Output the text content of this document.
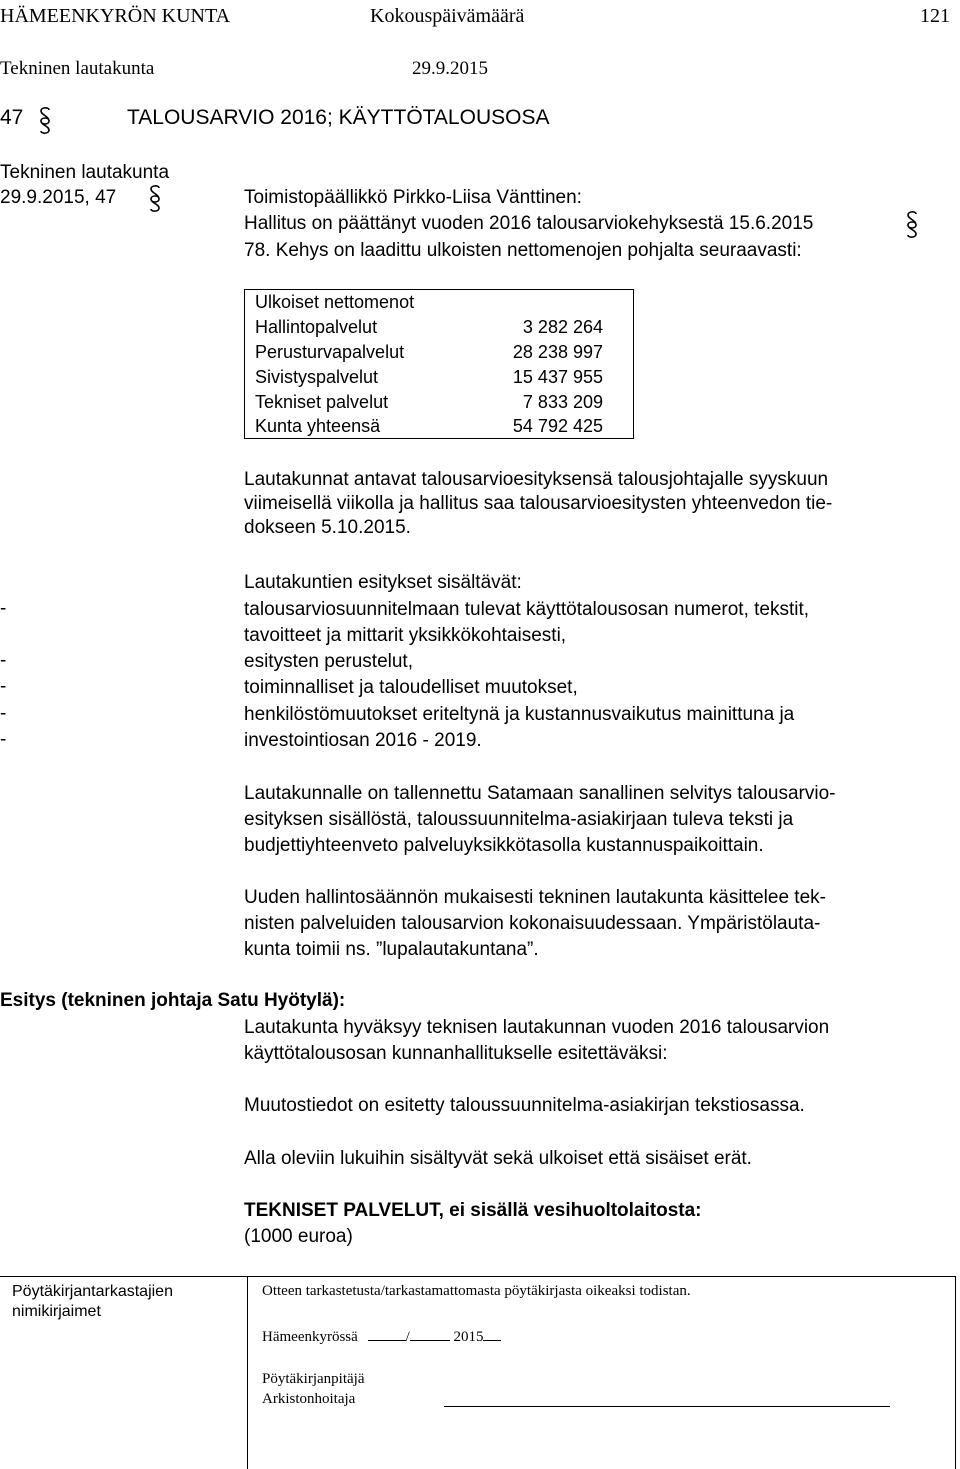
HÄMEENKYRÖN KUNTA	Kokouspäivämäärä	121
Tekninen lautakunta	29.9.2015
47	TALOUSARVIO 2016; KÄYTTÖTALOUSOSA
Tekninen lautakunta
29.9.2015, 47	Toimistopäällikkö Pirkko-Liisa Vänttinen:
Hallitus on päättänyt vuoden 2016 talousarviokehyksestä 15.6.2015
78. Kehys on laadittu ulkoisten nettomenojen pohjalta seuraavasti:
Ulkoiset nettomenot
Hallintopalvelut	3 282 264
Perusturvapalvelut	28 238 997
Sivistyspalvelut	15 437 955
Tekniset palvelut	7 833 209
Kunta yhteensä	54 792 425

Lautakunnat antavat talousarvioesityksensä talousjohtajalle syyskuun

viimeisellä viikolla ja hallitus saa talousarvioesitysten yhteenvedon tie-

dokseen 5.10.2015.

Lautakuntien esitykset sisältävät:
-	talousarviosuunnitelmaan tulevat käyttötalousosan numerot, tekstit,
tavoitteet ja mittarit yksikkökohtaisesti,
-	esitysten perustelut,
-	toiminnalliset ja taloudelliset muutokset,
-	henkilöstömuutokset eriteltynä ja kustannusvaikutus mainittuna ja
-	investointiosan 2016 - 2019.

Lautakunnalle on tallennettu Satamaan sanallinen selvitys talousarvio-

esityksen sisällöstä, taloussuunnitelma-asiakirjaan tuleva teksti ja

budjettiyhteenveto palveluyksikkötasolla kustannuspaikoittain.

Uuden hallintosäännön mukaisesti tekninen lautakunta käsittelee tek-

nisten palveluiden talousarvion kokonaisuudessaan. Ympäristölauta-

kunta toimii ns. ”lupalautakuntana”.

Esitys (tekninen johtaja Satu Hyötylä):
Lautakunta hyväksyy teknisen lautakunnan vuoden 2016 talousarvion
käyttötalousosan kunnanhallitukselle esitettäväksi:
Muutostiedot on esitetty taloussuunnitelma-asiakirjan tekstiosassa.
Alla oleviin lukuihin sisältyvät sekä ulkoiset että sisäiset erät.
TEKNISET PALVELUT, ei sisällä vesihuoltolaitosta:
(1000 euroa)
Pöytäkirjantarkastajien
nimikirjaimet
Otteen tarkastetusta/tarkastamattomasta pöytäkirjasta oikeaksi todistan.
Hämeenkyrössä	/	2015
Pöytäkirjanpitäjä
Arkistonhoitaja
